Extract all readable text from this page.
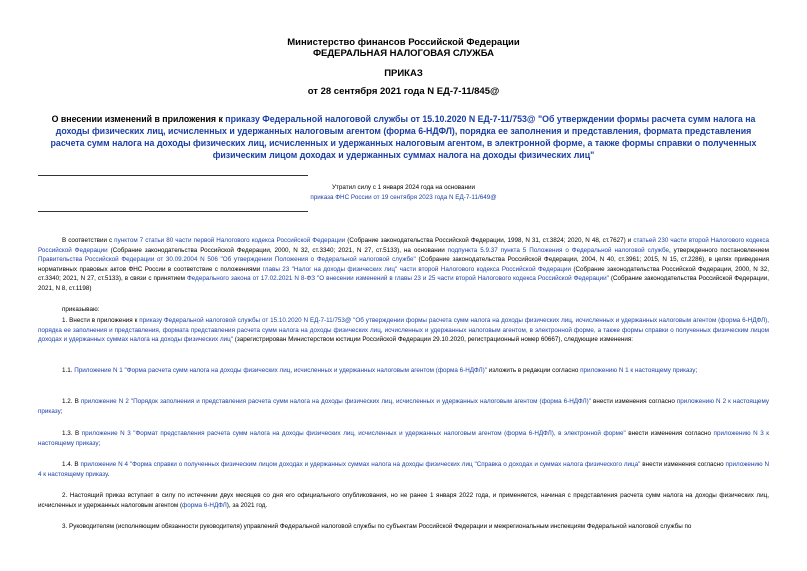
Министерство финансов Российской Федерации
ФЕДЕРАЛЬНАЯ НАЛОГОВАЯ СЛУЖБА
ПРИКАЗ
от 28 сентября 2021 года N ЕД-7-11/845@
О внесении изменений в приложения к приказу Федеральной налоговой службы от 15.10.2020 N ЕД-7-11/753@ "Об утверждении формы расчета сумм налога на доходы физических лиц, исчисленных и удержанных налоговым агентом (форма 6-НДФЛ), порядка ее заполнения и представления, формата представления расчета сумм налога на доходы физических лиц, исчисленных и удержанных налоговым агентом, в электронной форме, а также формы справки о полученных физическим лицом доходах и удержанных суммах налога на доходы физических лиц"
Утратил силу с 1 января 2024 года на основании
приказа ФНС России от 19 сентября 2023 года N ЕД-7-11/649@
В соответствии с пунктом 7 статьи 80 части первой Налогового кодекса Российской Федерации (Собрание законодательства Российской Федерации, 1998, N 31, ст.3824; 2020, N 48, ст.7627) и статьей 230 части второй Налогового кодекса Российской Федерации (Собрание законодательства Российской Федерации, 2000, N 32, ст.3340; 2021, N 27, ст.5133), на основании подпункта 5.9.37 пункта 5 Положения о Федеральной налоговой службе, утвержденного постановлением Правительства Российской Федерации от 30.09.2004 N 506 "Об утверждении Положения о Федеральной налоговой службе" (Собрание законодательства Российской Федерации, 2004, N 40, ст.3961; 2015, N 15, ст.2286), в целях приведения нормативных правовых актов ФНС России в соответствие с положениями главы 23 "Налог на доходы физических лиц" части второй Налогового кодекса Российской Федерации (Собрание законодательства Российской Федерации, 2000, N 32, ст.3340; 2021, N 27, ст.5133), в связи с принятием Федерального закона от 17.02.2021 N 8-ФЗ "О внесении изменений в главы 23 и 25 части второй Налогового кодекса Российской Федерации" (Собрание законодательства Российской Федерации, 2021, N 8, ст.1198)
приказываю:
1. Внести в приложения к приказу Федеральной налоговой службы от 15.10.2020 N ЕД-7-11/753@ "Об утверждении формы расчета сумм налога на доходы физических лиц, исчисленных и удержанных налоговым агентом (форма 6-НДФЛ), порядка ее заполнения и представления, формата представления расчета сумм налога на доходы физических лиц, исчисленных и удержанных налоговым агентом, в электронной форме, а также формы справки о полученных физическим лицом доходах и удержанных суммах налога на доходы физических лиц" (зарегистрирован Министерством юстиции Российской Федерации 29.10.2020, регистрационный номер 60667), следующие изменения:
1.1. Приложение N 1 "Форма расчета сумм налога на доходы физических лиц, исчисленных и удержанных налоговым агентом (форма 6-НДФЛ)" изложить в редакции согласно приложению N 1 к настоящему приказу;
1.2. В приложение N 2 "Порядок заполнения и представления расчета сумм налога на доходы физических лиц, исчисленных и удержанных налоговым агентом (форма 6-НДФЛ)" внести изменения согласно приложению N 2 к настоящему приказу;
1.3. В приложение N 3 "Формат представления расчета сумм налога на доходы физических лиц, исчисленных и удержанных налоговым агентом (форма 6-НДФЛ), в электронной форме" внести изменения согласно приложению N 3 к настоящему приказу;
1.4. В приложение N 4 "Форма справки о полученных физическим лицом доходах и удержанных суммах налога на доходы физических лиц "Справка о доходах и суммах налога физического лица" внести изменения согласно приложению N 4 к настоящему приказу.
2. Настоящий приказ вступает в силу по истечении двух месяцев со дня его официального опубликования, но не ранее 1 января 2022 года, и применяется, начиная с представления расчета сумм налога на доходы физических лиц, исчисленных и удержанных налоговым агентом (форма 6-НДФЛ), за 2021 год.
3. Руководителям (исполняющим обязанности руководителя) управлений Федеральной налоговой службы по субъектам Российской Федерации и межрегиональным инспекциям Федеральной налоговой службы по
